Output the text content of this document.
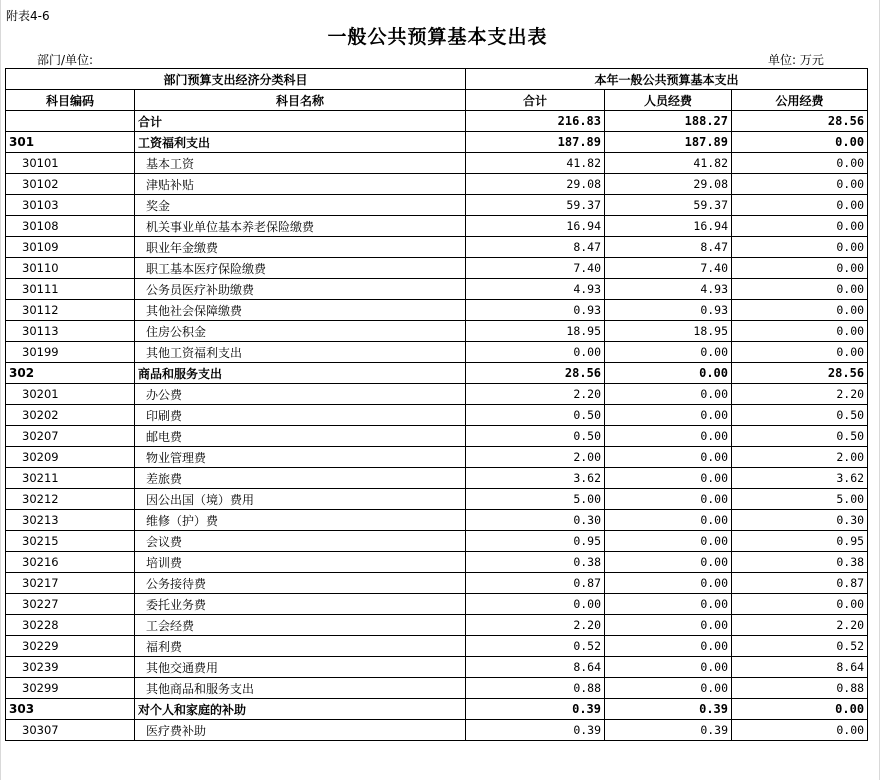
附表4-6
一般公共预算基本支出表
部门/单位:	单位: 万元
部门预算支出经济分类科目		本年一般公共预算基本支出		
科目编码	科目名称	合计	人员经费	公用经费
	合计	216.83	188.27	28.56
301	工资福利支出	187.89	187.89	0.00
30101	基本工资	41.82	41.82	0.00
30102	津贴补贴	29.08	29.08	0.00
30103	奖金	59.37	59.37	0.00
30108	机关事业单位基本养老保险缴费	16.94	16.94	0.00
30109	职业年金缴费	8.47	8.47	0.00
30110	职工基本医疗保险缴费	7.40	7.40	0.00
30111	公务员医疗补助缴费	4.93	4.93	0.00
30112	其他社会保障缴费	0.93	0.93	0.00
30113	住房公积金	18.95	18.95	0.00
30199	其他工资福利支出	0.00	0.00	0.00
302	商品和服务支出	28.56	0.00	28.56
30201	办公费	2.20	0.00	2.20
30202	印刷费	0.50	0.00	0.50
30207	邮电费	0.50	0.00	0.50
30209	物业管理费	2.00	0.00	2.00
30211	差旅费	3.62	0.00	3.62
30212	因公出国（境）费用	5.00	0.00	5.00
30213	维修（护）费	0.30	0.00	0.30
30215	会议费	0.95	0.00	0.95
30216	培训费	0.38	0.00	0.38
30217	公务接待费	0.87	0.00	0.87
30227	委托业务费	0.00	0.00	0.00
30228	工会经费	2.20	0.00	2.20
30229	福利费	0.52	0.00	0.52
30239	其他交通费用	8.64	0.00	8.64
30299	其他商品和服务支出	0.88	0.00	0.88
303	对个人和家庭的补助	0.39	0.39	0.00
30307	医疗费补助	0.39	0.39	0.00
